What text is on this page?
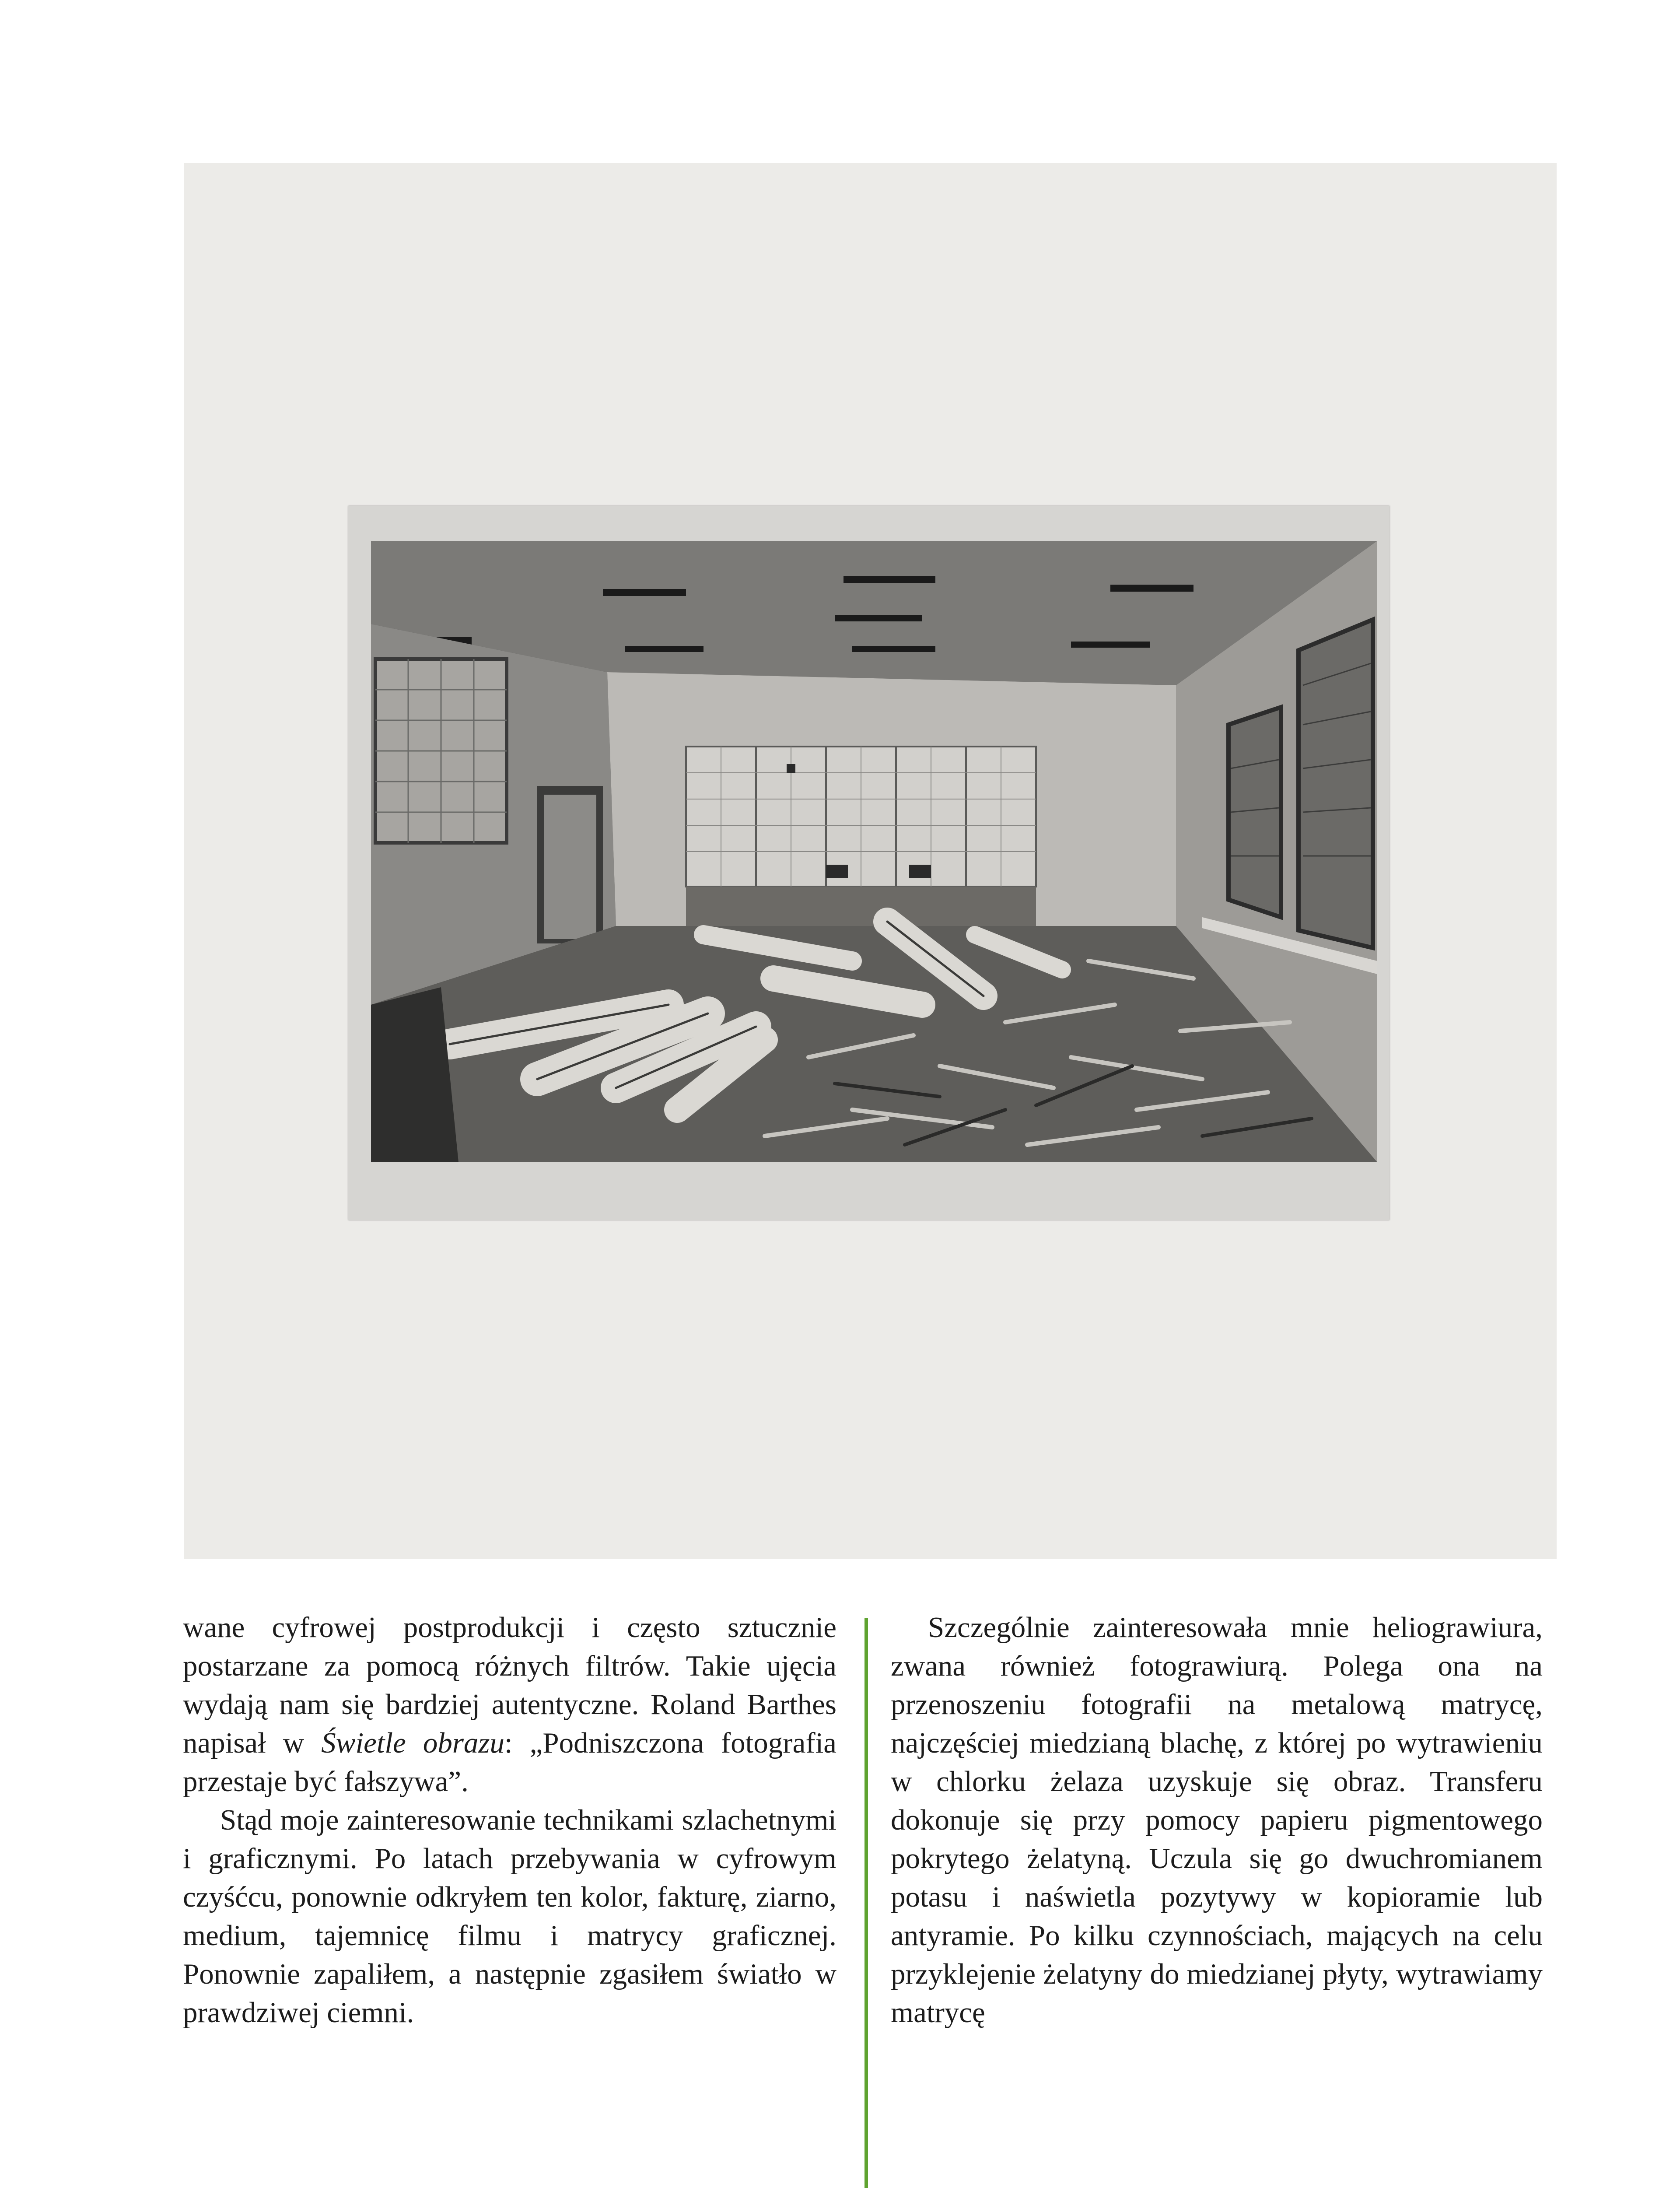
wane cyfrowej postprodukcji i często sztucznie postarzane za pomocą różnych filtrów. Takie ujęcia wydają nam się bardziej autentyczne. Roland Barthes napisał w Świetle obrazu: „Podniszczona fotografia przestaje być fałszywa”.

Stąd moje zainteresowanie technikami szlachetnymi i graficznymi. Po latach przebywania w cyfrowym czyśćcu, ponownie odkryłem ten kolor, fakturę, ziarno, medium, tajemnicę filmu i matrycy graficznej. Ponownie zapaliłem, a następnie zgasiłem światło w prawdziwej ciemni.

Szczególnie zainteresowała mnie heliograwiura, zwana również fotograwiurą. Polega ona na przenoszeniu fotografii na metalową matrycę, najczęściej miedzianą blachę, z której po wytrawieniu w chlorku żelaza uzyskuje się obraz. Transferu dokonuje się przy pomocy papieru pigmentowego pokrytego żelatyną. Uczula się go dwuchromianem potasu i naświetla pozytywy w kopioramie lub antyramie. Po kilku czynnościach, mających na celu przyklejenie żelatyny do miedzianej płyty, wytrawiamy matrycę
